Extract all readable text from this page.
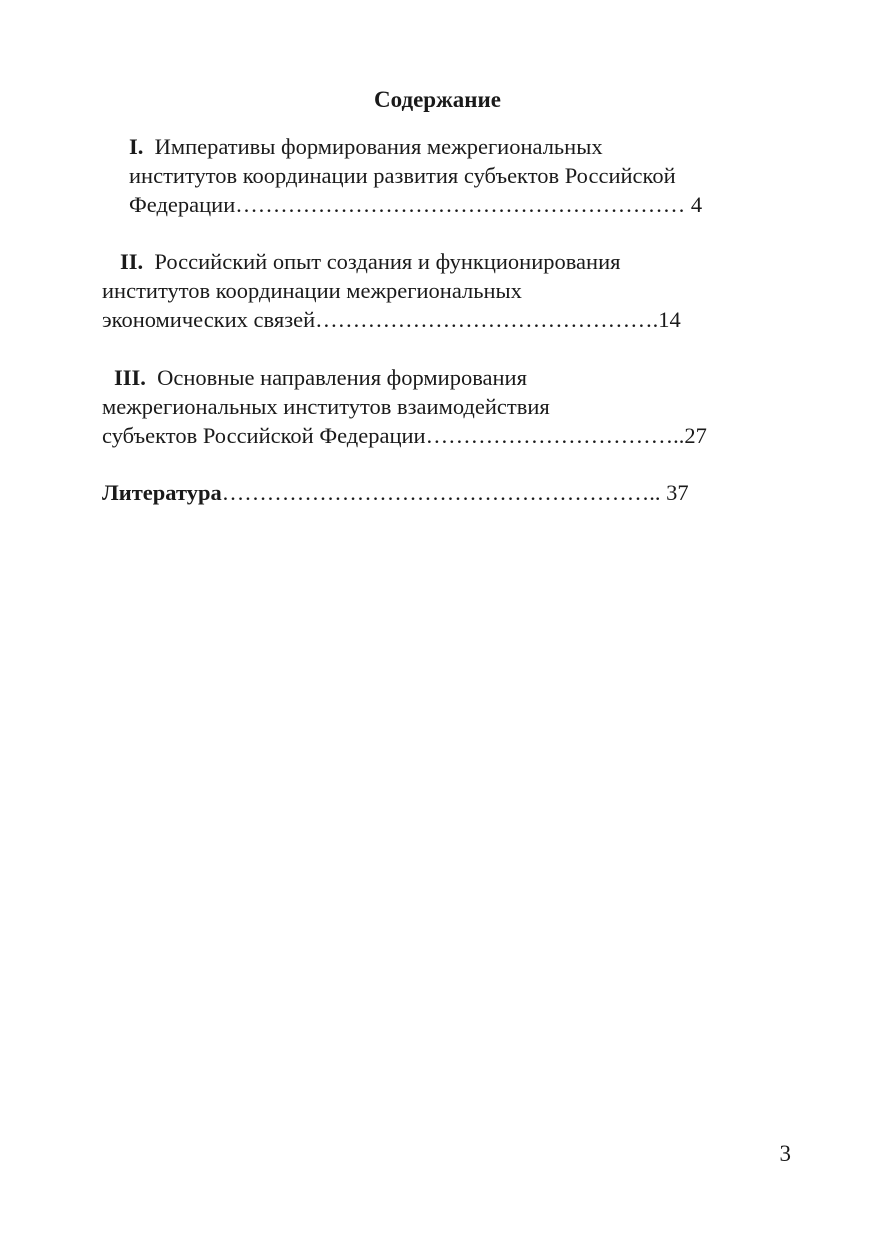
Содержание
I. Императивы формирования межрегиональных
институтов координации развития субъектов Российской
Федерации…………………………………………………… 4
II. Российский опыт создания и функционирования
институтов координации межрегиональных
экономических связей……………………………………….14
III. Основные направления формирования
межрегиональных институтов взаимодействия
субъектов Российской Федерации……………………………..27
Литература………………………………………………….. 37
3
